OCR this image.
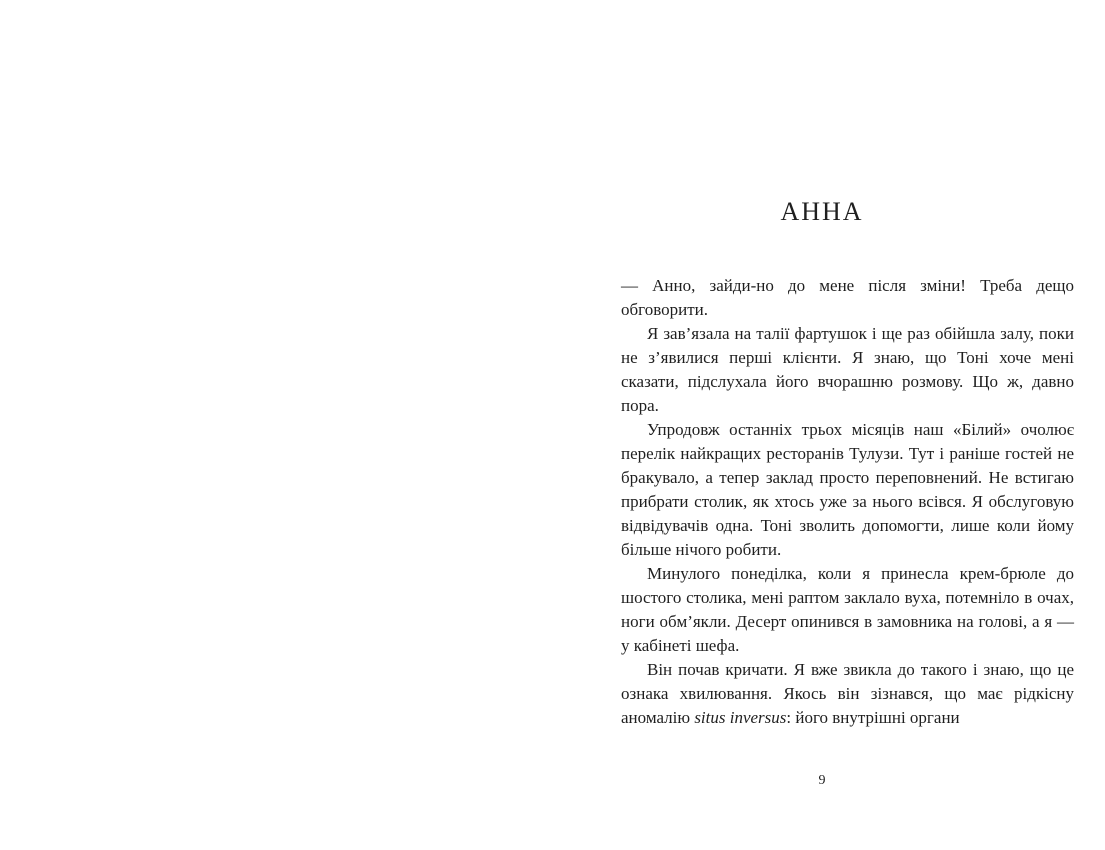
АННА

— Анно, зайди-но до мене після зміни! Треба дещо обговорити.

Я зав’язала на талії фартушок і ще раз обійшла залу, поки не з’явилися перші клієнти. Я знаю, що Тоні хоче мені сказати, підслухала його вчорашню розмову. Що ж, давно пора.

Упродовж останніх трьох місяців наш «Білий» очолює перелік найкращих ресторанів Тулузи. Тут і раніше гостей не бракувало, а тепер заклад просто переповнений. Не встигаю прибрати столик, як хтось уже за нього всівся. Я обслуговую відвідувачів одна. Тоні зволить допомогти, лише коли йому більше нічого робити.

Минулого понеділка, коли я принесла крем-брюле до шостого столика, мені раптом заклало вуха, потемніло в очах, ноги обм’якли. Десерт опинився в замовника на голові, а я — у кабінеті шефа.

Він почав кричати. Я вже звикла до такого і знаю, що це ознака хвилювання. Якось він зізнався, що має рідкісну аномалію situs inversus: його внутрішні органи

9
